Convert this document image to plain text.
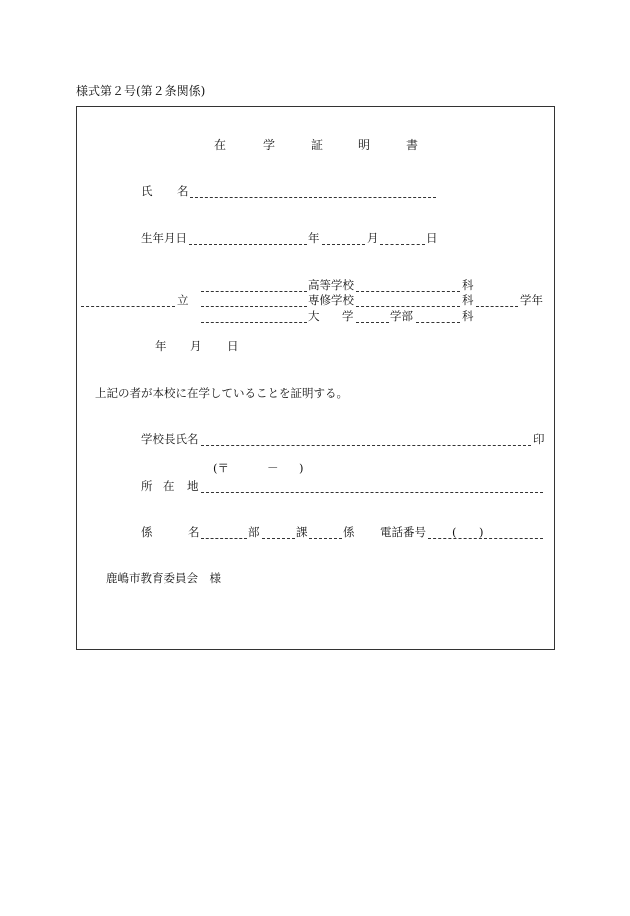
様式第２号(第２条関係)
在	学	証	明	書
氏 名
生年月日	年	月	日
立
高等学校	科
専修学校	科	学年
大 学	学部	科
年 月 日
上記の者が本校に在学していることを証明する。
学校長氏名	印
(〒	－ )
所 在 地
係	名	部	課	係 電話番号 ( )
鹿嶋市教育委員会　様
